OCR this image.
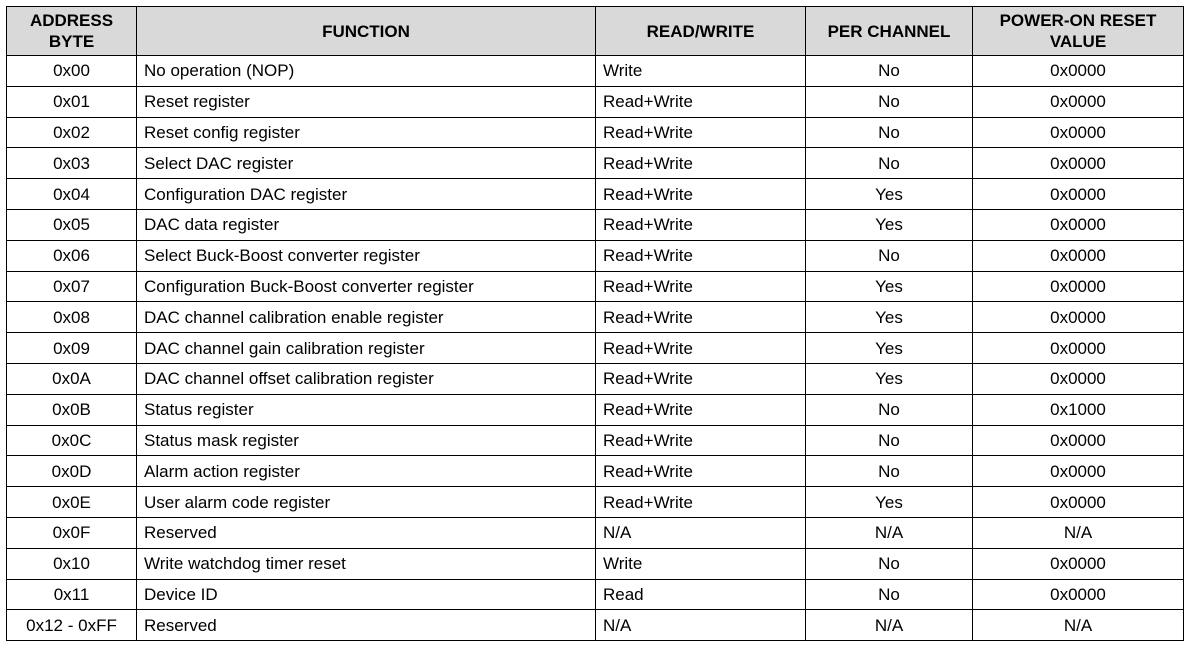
ADDRESS BYTE	FUNCTION	READ/WRITE	PER CHANNEL	POWER-ON RESET VALUE
0x00	No operation (NOP)	Write	No	0x0000
0x01	Reset register	Read+Write	No	0x0000
0x02	Reset config register	Read+Write	No	0x0000
0x03	Select DAC register	Read+Write	No	0x0000
0x04	Configuration DAC register	Read+Write	Yes	0x0000
0x05	DAC data register	Read+Write	Yes	0x0000
0x06	Select Buck-Boost converter register	Read+Write	No	0x0000
0x07	Configuration Buck-Boost converter register	Read+Write	Yes	0x0000
0x08	DAC channel calibration enable register	Read+Write	Yes	0x0000
0x09	DAC channel gain calibration register	Read+Write	Yes	0x0000
0x0A	DAC channel offset calibration register	Read+Write	Yes	0x0000
0x0B	Status register	Read+Write	No	0x1000
0x0C	Status mask register	Read+Write	No	0x0000
0x0D	Alarm action register	Read+Write	No	0x0000
0x0E	User alarm code register	Read+Write	Yes	0x0000
0x0F	Reserved	N/A	N/A	N/A
0x10	Write watchdog timer reset	Write	No	0x0000
0x11	Device ID	Read	No	0x0000
0x12 - 0xFF	Reserved	N/A	N/A	N/A
